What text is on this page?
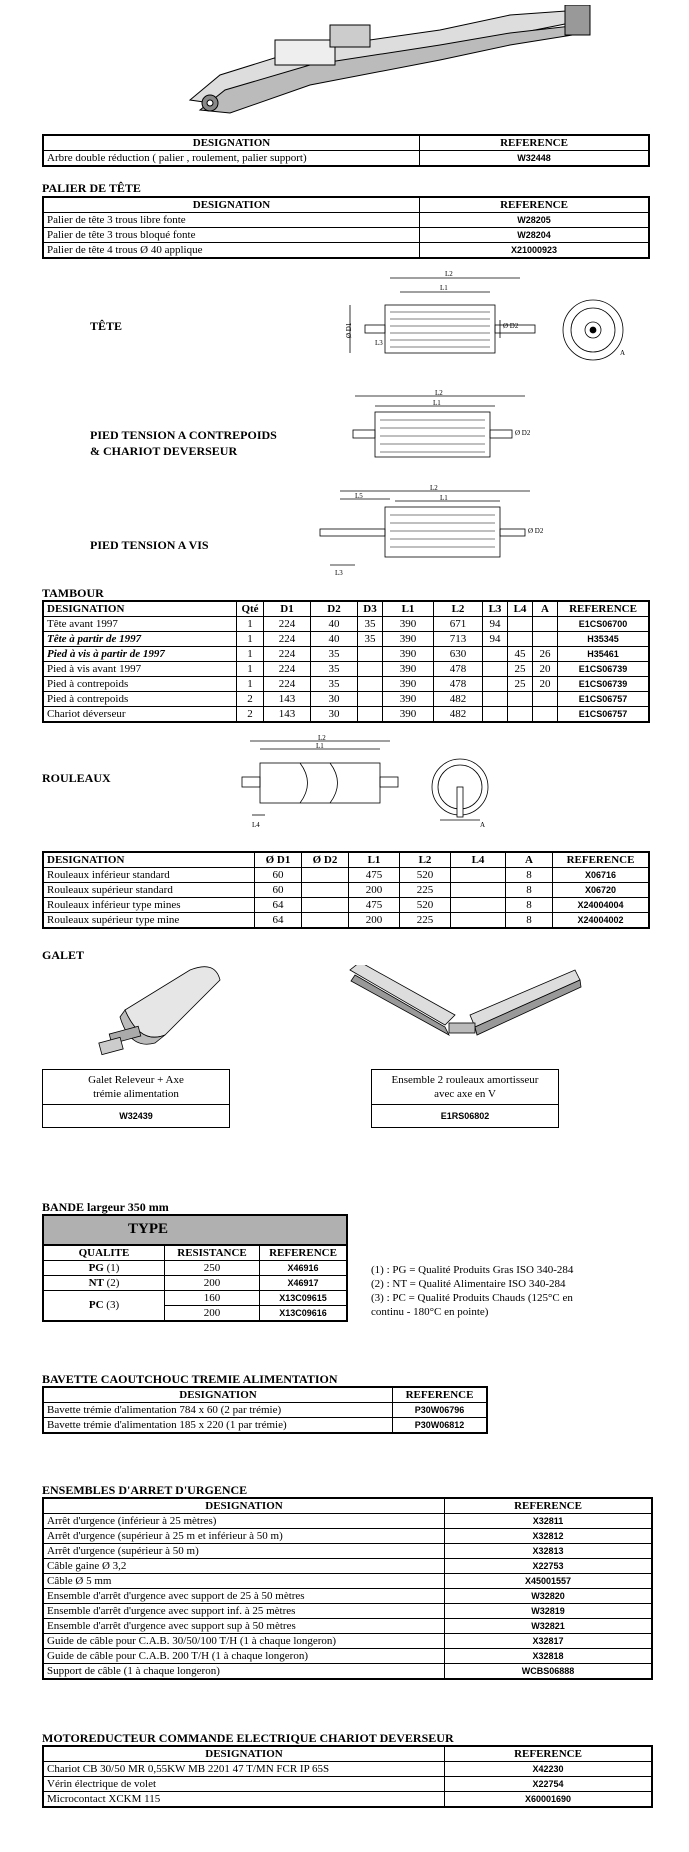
DESIGNATION	REFERENCE
Arbre double réduction ( palier , roulement, palier support)	W32448
PALIER DE TÊTE
DESIGNATION	REFERENCE
Palier de tête 3 trous libre fonte	W28205
Palier de tête 3 trous bloqué fonte	W28204
Palier de tête 4 trous Ø 40 applique	X21000923
TÊTE
PIED TENSION A CONTREPOIDS
& CHARIOT DEVERSEUR
PIED TENSION A VIS
L2
L1
Ø D1	Ø D2
L3
A
L2
L1
Ø D2
L2
L5	L1
L3
Ø D2
TAMBOUR
DESIGNATION	Qté	D1	D2	D3	L1	L2	L3	L4	A	REFERENCE
Tête avant 1997	1	224	40	35	390	671	94			E1CS06700
Tête à partir de 1997	1	224	40	35	390	713	94			H35345
Pied à vis à partir de 1997	1	224	35		390	630		45	26	H35461
Pied à vis avant 1997	1	224	35		390	478		25	20	E1CS06739
Pied à contrepoids	1	224	35		390	478		25	20	E1CS06739
Pied à contrepoids	2	143	30		390	482				E1CS06757
Chariot déverseur	2	143	30		390	482				E1CS06757
ROULEAUX
L2
L1
L4	A
DESIGNATION	Ø D1	Ø D2	L1	L2	L4	A	REFERENCE
Rouleaux inférieur standard	60		475	520		8	X06716
Rouleaux supérieur standard	60		200	225		8	X06720
Rouleaux inférieur type mines	64		475	520		8	X24004004
Rouleaux supérieur type mine	64		200	225		8	X24004002
GALET
Galet Releveur + Axe
trémie alimentation
W32439
Ensemble 2 rouleaux amortisseur
avec axe en V
E1RS06802
BANDE largeur 350 mm
TYPE
QUALITE	RESISTANCE	REFERENCE
PG (1)	250	X46916
NT (2)	200	X46917
PC (3)	160	X13C09615
	200	X13C09616
(1) : PG = Qualité Produits Gras ISO 340-284
(2) : NT = Qualité Alimentaire ISO 340-284
(3) : PC = Qualité Produits Chauds (125°C en
continu - 180°C en pointe)
BAVETTE CAOUTCHOUC TREMIE ALIMENTATION
DESIGNATION	REFERENCE
Bavette trémie d'alimentation 784 x 60 (2 par trémie)	P30W06796
Bavette trémie d'alimentation 185 x 220 (1 par trémie)	P30W06812
ENSEMBLES D'ARRET D'URGENCE
DESIGNATION	REFERENCE
Arrêt d'urgence (inférieur à 25 mètres)	X32811
Arrêt d'urgence (supérieur à 25 m et inférieur à 50 m)	X32812
Arrêt d'urgence (supérieur à 50 m)	X32813
Câble gaine Ø 3,2	X22753
Câble Ø 5 mm	X45001557
Ensemble d'arrêt d'urgence avec support de 25 à 50 mètres	W32820
Ensemble d'arrêt d'urgence avec support inf. à 25 mètres	W32819
Ensemble d'arrêt d'urgence avec support sup à 50 mètres	W32821
Guide de câble pour C.A.B. 30/50/100 T/H (1 à chaque longeron)	X32817
Guide de câble pour C.A.B. 200 T/H (1 à chaque longeron)	X32818
Support de câble (1 à chaque longeron)	WCBS06888
MOTOREDUCTEUR COMMANDE ELECTRIQUE CHARIOT DEVERSEUR
DESIGNATION	REFERENCE
Chariot CB 30/50 MR 0,55KW MB 2201 47 T/MN FCR IP 65S	X42230
Vérin électrique de volet	X22754
Microcontact XCKM 115	X60001690
